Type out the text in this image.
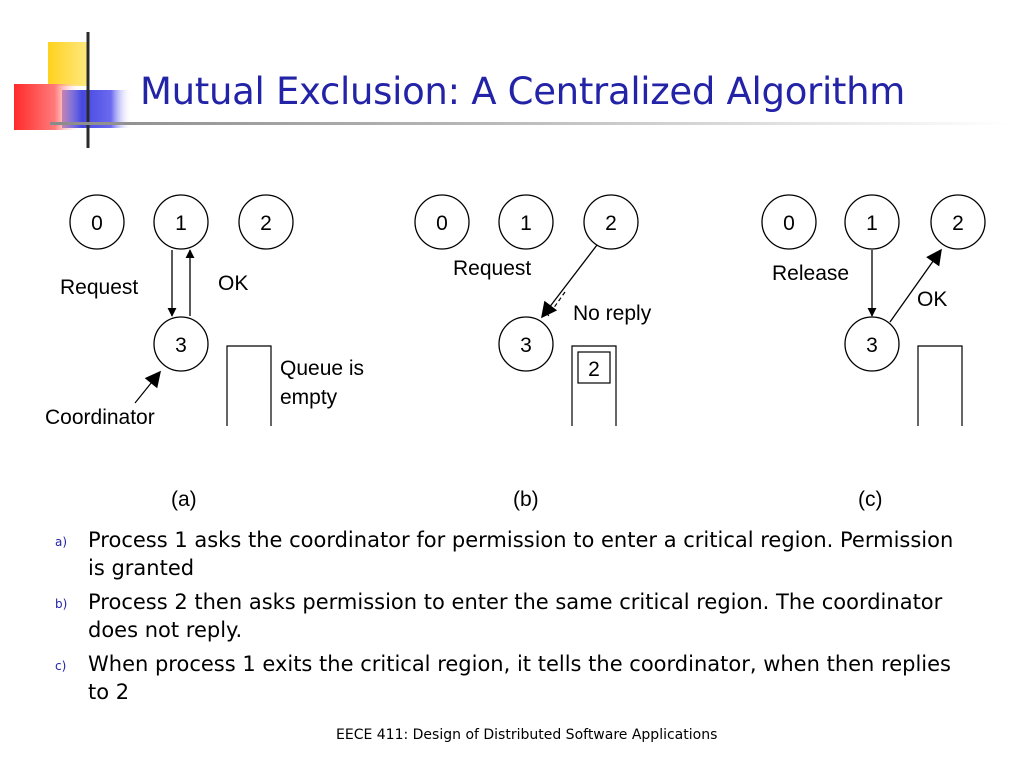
Mutual Exclusion: A Centralized Algorithm
0	1	2
3
Request	OK
Queue is
empty
Coordinator
(a)
0	1	2
3
Request
No reply
2
(b)
0	1	2
3
Release
OK
(c)
a) Process 1 asks the coordinator for permission to enter a critical region. Permission is granted
b) Process 2 then asks permission to enter the same critical region. The coordinator does not reply.
c) When process 1 exits the critical region, it tells the coordinator, when then replies to 2
EECE 411: Design of Distributed Software Applications
